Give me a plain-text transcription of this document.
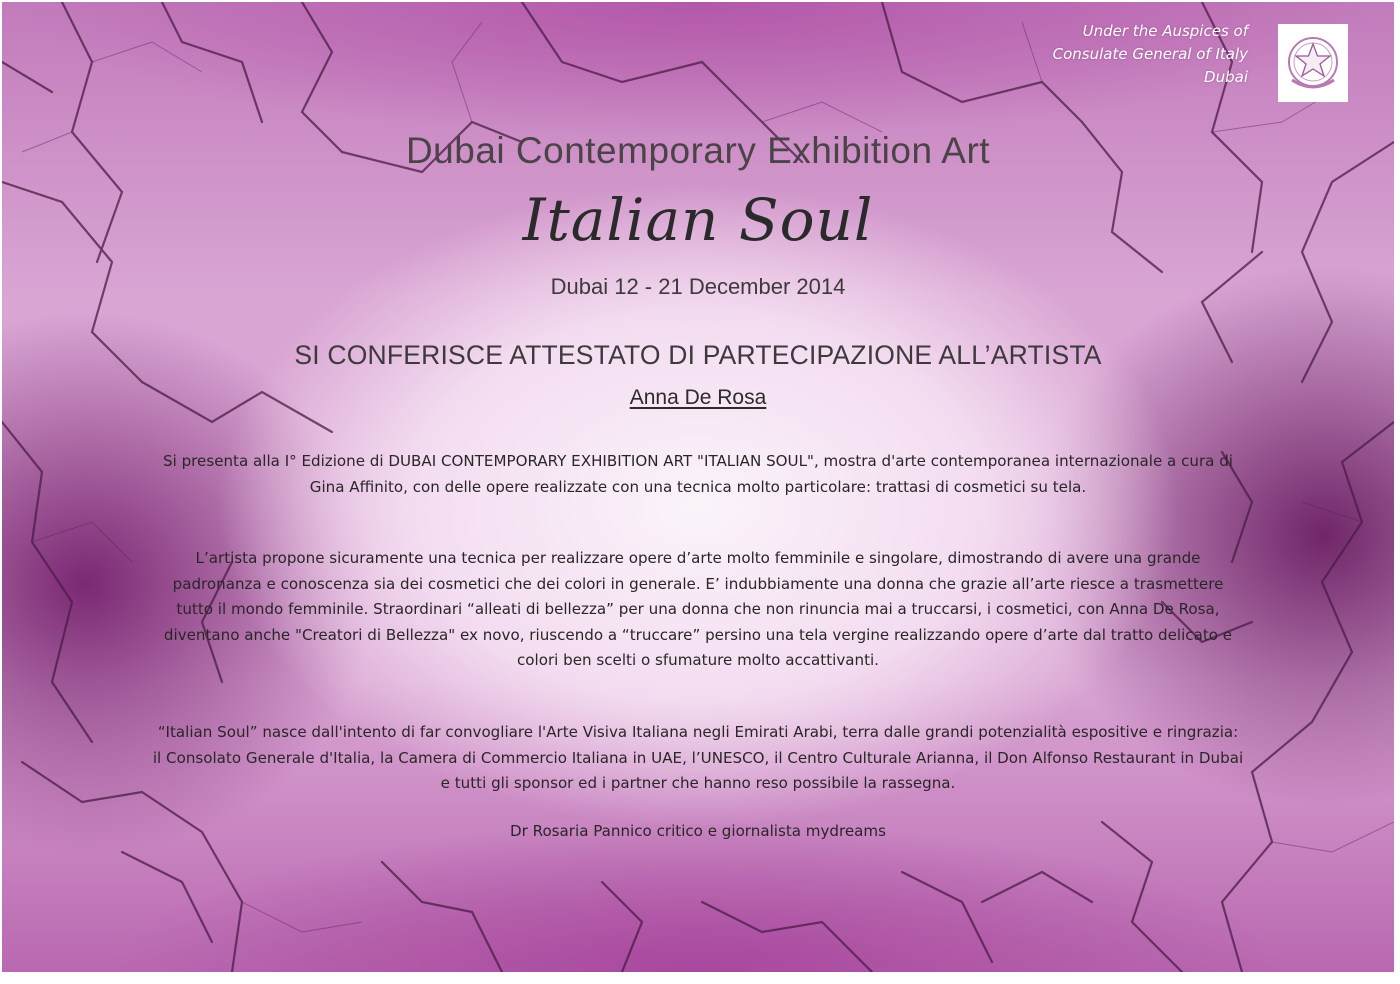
Under the Auspices of
Consulate General of Italy
Dubai
Dubai Contemporary Exhibition Art
Italian Soul
Dubai 12 - 21 December 2014
SI CONFERISCE ATTESTATO DI PARTECIPAZIONE ALL’ARTISTA
Anna De Rosa
Si presenta alla I° Edizione di DUBAI CONTEMPORARY EXHIBITION ART "ITALIAN SOUL", mostra d'arte contemporanea internazionale a cura di Gina Affinito, con delle opere realizzate con una tecnica molto particolare: trattasi di cosmetici su tela.
L’artista propone sicuramente una tecnica per realizzare opere d’arte molto femminile e singolare, dimostrando di avere una grande padronanza e conoscenza sia dei cosmetici che dei colori in generale. E’ indubbiamente una donna che grazie all’arte riesce a trasmettere tutto il mondo femminile. Straordinari “alleati di bellezza” per una donna che non rinuncia mai a truccarsi, i cosmetici, con Anna De Rosa, diventano anche "Creatori di Bellezza" ex novo, riuscendo a “truccare” persino una tela vergine realizzando opere d’arte dal tratto delicato e colori ben scelti o sfumature molto accattivanti.
“Italian Soul” nasce dall'intento di far convogliare l'Arte Visiva Italiana negli Emirati Arabi, terra dalle grandi potenzialità espositive e ringrazia: il Consolato Generale d'Italia, la Camera di Commercio Italiana in UAE, l’UNESCO, il Centro Culturale Arianna, il Don Alfonso Restaurant in Dubai e tutti gli sponsor ed i partner che hanno reso possibile la rassegna.
Dr Rosaria Pannico critico e giornalista mydreams
